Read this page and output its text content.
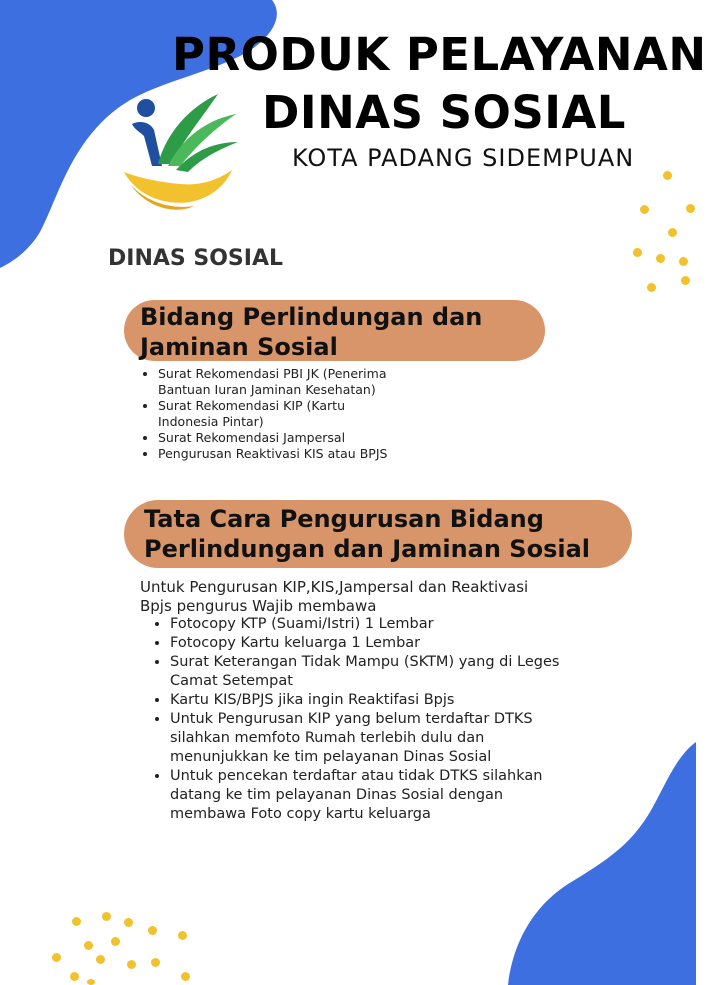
DINAS SOSIAL
PRODUK PELAYANAN
DINAS SOSIAL
KOTA PADANG SIDEMPUAN
Bidang Perlindungan dan Jaminan Sosial
• Surat Rekomendasi PBI JK (Penerima Bantuan Iuran Jaminan Kesehatan)
• Surat Rekomendasi KIP (Kartu Indonesia Pintar)
• Surat Rekomendasi Jampersal
• Pengurusan Reaktivasi KIS atau BPJS
Tata Cara Pengurusan Bidang Perlindungan dan Jaminan Sosial
Untuk Pengurusan KIP,KIS,Jampersal dan Reaktivasi Bpjs pengurus Wajib membawa
• Fotocopy KTP (Suami/Istri) 1 Lembar
• Fotocopy Kartu keluarga 1 Lembar
• Surat Keterangan Tidak Mampu (SKTM) yang di Leges Camat Setempat
• Kartu KIS/BPJS jika ingin Reaktifasi Bpjs
• Untuk Pengurusan KIP yang belum terdaftar DTKS silahkan memfoto Rumah terlebih dulu dan menunjukkan ke tim pelayanan Dinas Sosial
• Untuk pencekan terdaftar atau tidak DTKS silahkan datang ke tim pelayanan Dinas Sosial dengan membawa Foto copy kartu keluarga
